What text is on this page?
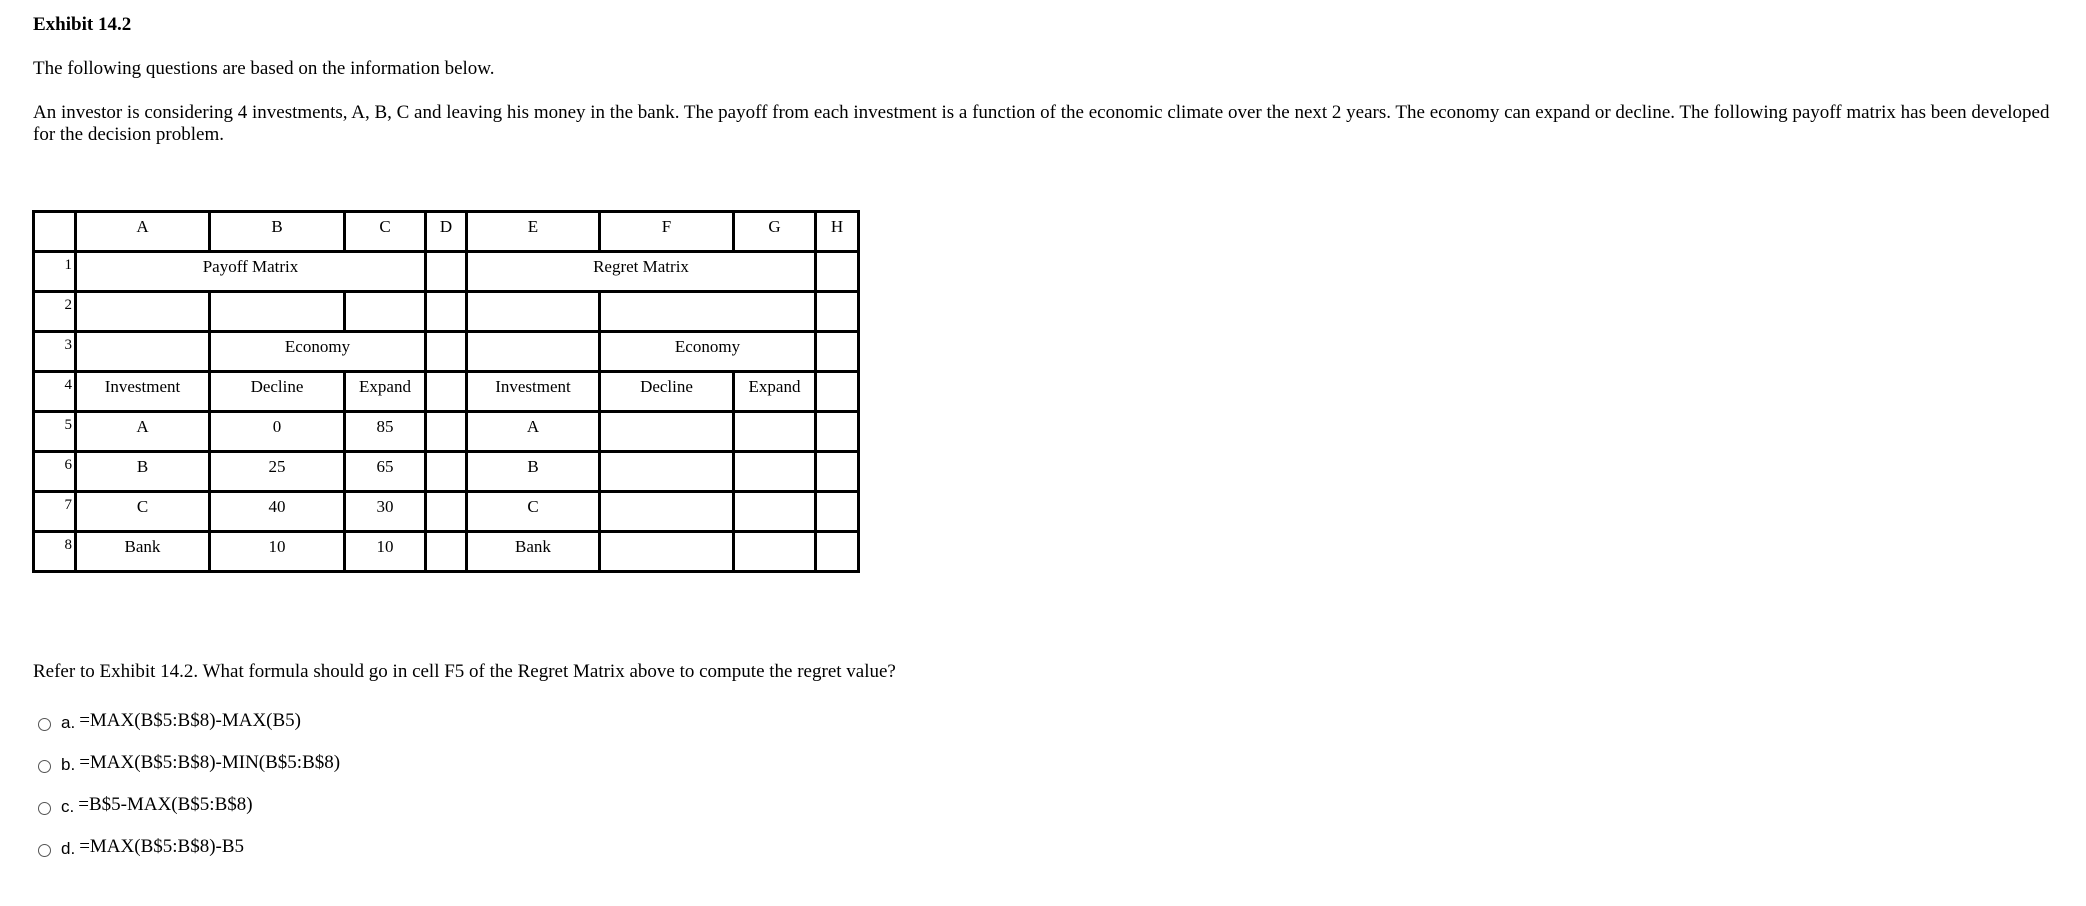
Exhibit 14.2
The following questions are based on the information below.
An investor is considering 4 investments, A, B, C and leaving his money in the bank. The payoff from each investment is a function of the economic climate over the next 2 years. The economy can expand or decline. The following payoff matrix has been developed for the decision problem.
	A	B	C	D	E	F	G	H
1	Payoff Matrix				Regret Matrix			
2								
3		Economy				Economy		
4	Investment	Decline	Expand		Investment	Decline	Expand	
5	A	0	85		A			
6	B	25	65		B			
7	C	40	30		C			
8	Bank	10	10		Bank			
Refer to Exhibit 14.2. What formula should go in cell F5 of the Regret Matrix above to compute the regret value?
a. =MAX(B$5:B$8)-MAX(B5)
b. =MAX(B$5:B$8)-MIN(B$5:B$8)
c. =B$5-MAX(B$5:B$8)
d. =MAX(B$5:B$8)-B5
